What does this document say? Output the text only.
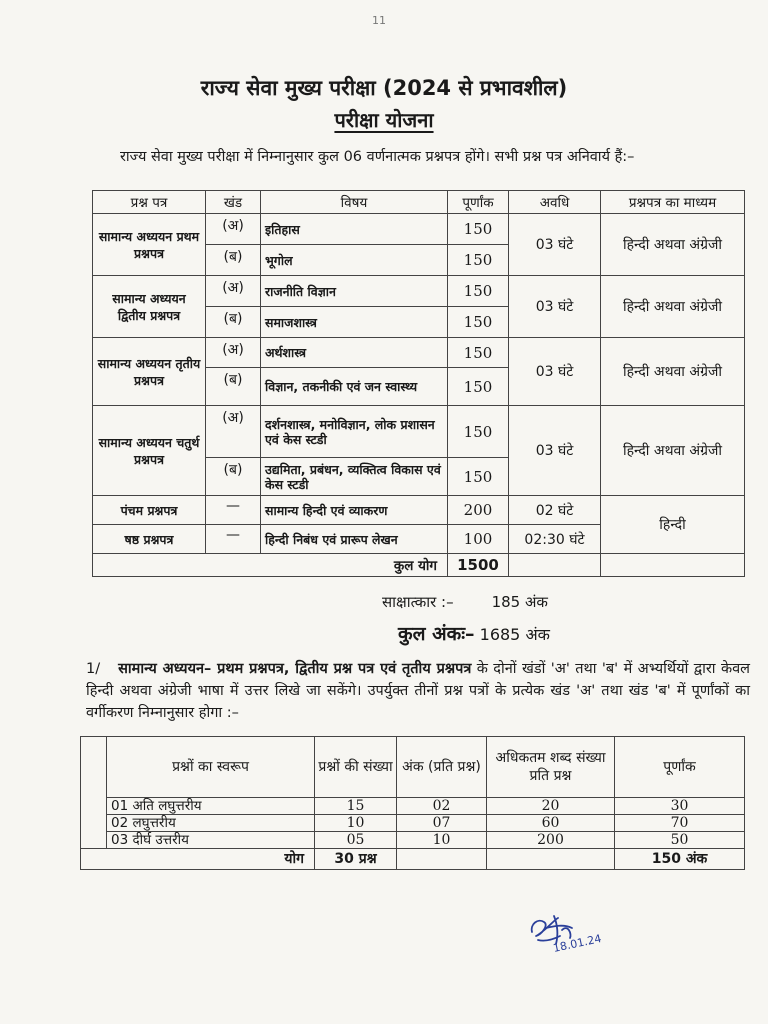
11
राज्य सेवा मुख्य परीक्षा (2024 से प्रभावशील)
परीक्षा योजना
राज्य सेवा मुख्य परीक्षा में निम्नानुसार कुल 06 वर्णनात्मक प्रश्नपत्र होंगे। सभी प्रश्न पत्र अनिवार्य हैं:–
प्रश्न पत्र	खंड	विषय	पूर्णांक	अवधि	प्रश्नपत्र का माध्यम
सामान्य अध्ययन प्रथम प्रश्नपत्र	(अ)	इतिहास	150	03 घंटे	हिन्दी अथवा अंग्रेजी
	(ब)	भूगोल	150		
सामान्य अध्ययन द्वितीय प्रश्नपत्र	(अ)	राजनीति विज्ञान	150	03 घंटे	हिन्दी अथवा अंग्रेजी
	(ब)	समाजशास्त्र	150		
सामान्य अध्ययन तृतीय प्रश्नपत्र	(अ)	अर्थशास्त्र	150	03 घंटे	हिन्दी अथवा अंग्रेजी
	(ब)	विज्ञान, तकनीकी एवं जन स्वास्थ्य	150		
सामान्य अध्ययन चतुर्थ प्रश्नपत्र	(अ)	दर्शनशास्त्र, मनोविज्ञान, लोक प्रशासन एवं केस स्टडी	150	03 घंटे	हिन्दी अथवा अंग्रेजी
	(ब)	उद्यमिता, प्रबंधन, व्यक्तित्व विकास एवं केस स्टडी	150		
पंचम प्रश्नपत्र	—	सामान्य हिन्दी एवं व्याकरण	200	02 घंटे	हिन्दी
षष्ठ प्रश्नपत्र	—	हिन्दी निबंध एवं प्रारूप लेखन	100	02:30 घंटे	
कुल योग			1500		
साक्षात्कार :–	185 अंक
कुल अंकः– 1685 अंक
1/ सामान्य अध्ययन– प्रथम प्रश्नपत्र, द्वितीय प्रश्न पत्र एवं तृतीय प्रश्नपत्र के दोनों खंडों 'अ' तथा 'ब' में अभ्यर्थियों द्वारा केवल हिन्दी अथवा अंग्रेजी भाषा में उत्तर लिखे जा सकेंगे। उपर्युक्त तीनों प्रश्न पत्रों के प्रत्येक खंड 'अ' तथा खंड 'ब' में पूर्णांकों का वर्गीकरण निम्नानुसार होगा :–
	प्रश्नों का स्वरूप	प्रश्नों की संख्या	अंक (प्रति प्रश्न)	अधिकतम शब्द संख्या प्रति प्रश्न	पूर्णांक
	01 अति लघुत्तरीय	15	02	20	30
	02 लघुत्तरीय	10	07	60	70
	03 दीर्घ उत्तरीय	05	10	200	50
योग		30 प्रश्न			150 अंक
18.01.24
